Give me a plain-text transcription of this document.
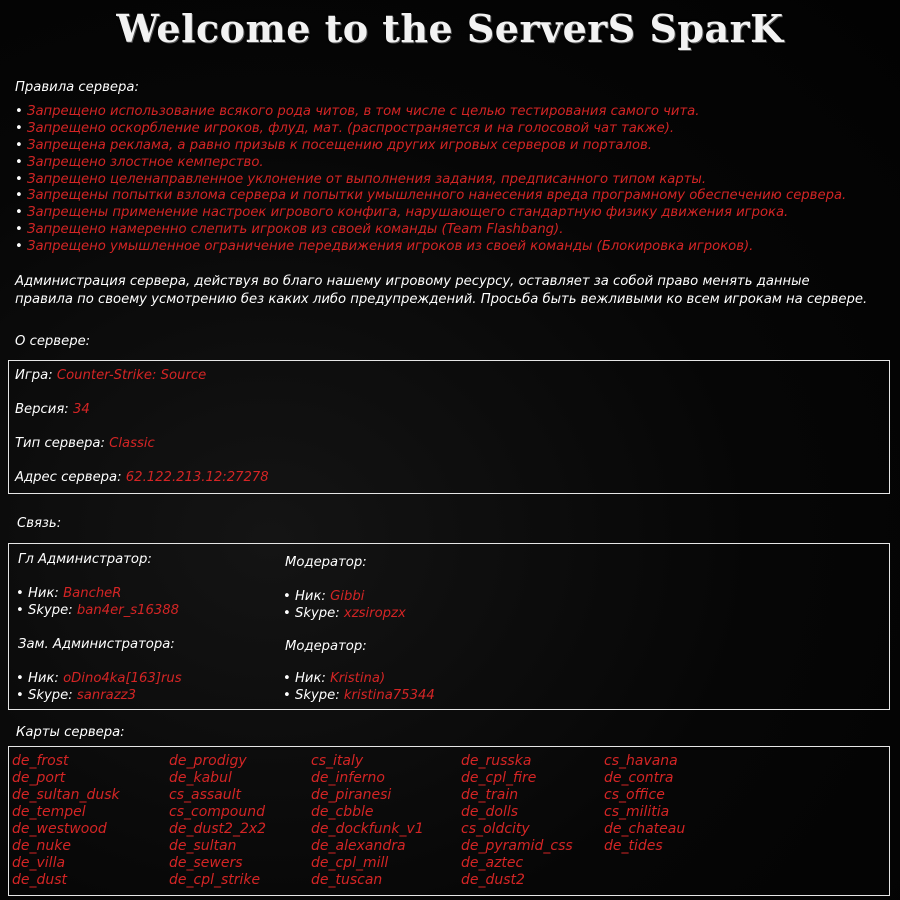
Welcome to the ServerS SparK
Правила сервера:
• Запрещено использование всякого рода читов, в том числе с целью тестирования самого чита.
• Запрещено оскорбление игроков, флуд, мат. (распространяется и на голосовой чат также).
• Запрещена реклама, а равно призыв к посещению других игровых серверов и порталов.
• Запрещено злостное кемперство.
• Запрещено целенаправленное уклонение от выполнения задания, предписанного типом карты.
• Запрещены попытки взлома сервера и попытки умышленного нанесения вреда програмному обеспечению сервера.
• Запрещены применение настроек игрового конфига, нарушающего стандартную физику движения игрока.
• Запрещено намеренно слепить игроков из своей команды (Team Flashbang).
• Запрещено умышленное ограничение передвижения игроков из своей команды (Блокировка игроков).
Администрация сервера, действуя во благо нашему игровому ресурсу, оставляет за собой право менять данные
правила по своему усмотрению без каких либо предупреждений. Просьба быть вежливыми ко всем игрокам на сервере.
О сервере:
Игра: Counter-Strike: Source
Версия: 34
Тип сервера: Classic
Адрес сервера: 62.122.213.12:27278
Связь:
Гл Администратор:
• Ник: BancheR
• Skype: ban4er_s16388
Зам. Администратора:
• Ник: oDino4ka[163]rus
• Skype: sanrazz3
Модератор:
• Ник: Gibbi
• Skype: xzsiropzx
Модератор:
• Ник: Kristina)
• Skype: kristina75344
Карты сервера:
de_frost
de_port
de_sultan_dusk
de_tempel
de_westwood
de_nuke
de_villa
de_dust
de_prodigy
de_kabul
cs_assault
cs_compound
de_dust2_2x2
de_sultan
de_sewers
de_cpl_strike
cs_italy
de_inferno
de_piranesi
de_cbble
de_dockfunk_v1
de_alexandra
de_cpl_mill
de_tuscan
de_russka
de_cpl_fire
de_train
de_dolls
cs_oldcity
de_pyramid_css
de_aztec
de_dust2
cs_havana
de_contra
cs_office
cs_militia
de_chateau
de_tides
